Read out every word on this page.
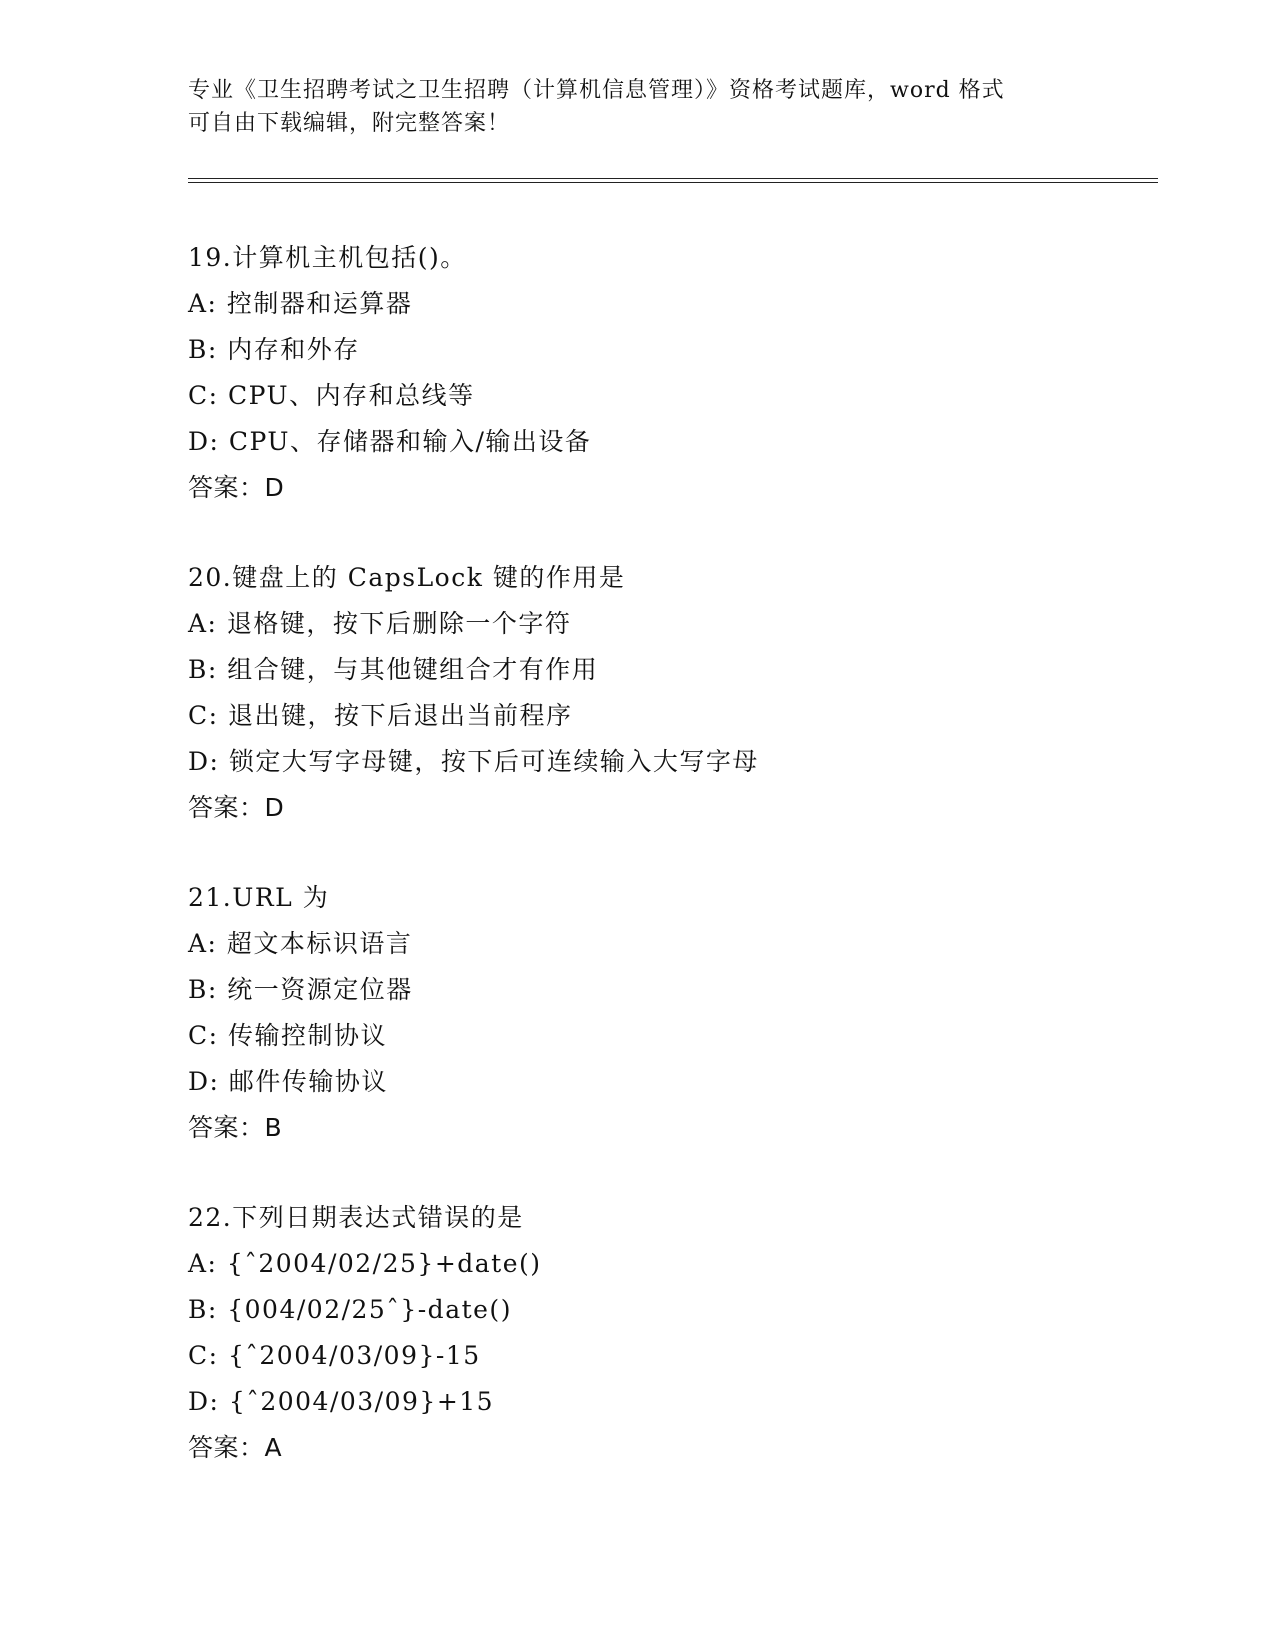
专业《卫生招聘考试之卫生招聘（计算机信息管理）》资格考试题库，word 格式
可自由下载编辑，附完整答案！
19.计算机主机包括()。
A: 控制器和运算器
B: 内存和外存
C: CPU、内存和总线等
D: CPU、存储器和输入/输出设备
答案：D
20.键盘上的 CapsLock 键的作用是
A: 退格键，按下后删除一个字符
B: 组合键，与其他键组合才有作用
C: 退出键，按下后退出当前程序
D: 锁定大写字母键，按下后可连续输入大写字母
答案：D
21.URL 为
A: 超文本标识语言
B: 统一资源定位器
C: 传输控制协议
D: 邮件传输协议
答案：B
22.下列日期表达式错误的是
A: {ˆ2004/02/25}+date()
B: {004/02/25ˆ}-date()
C: {ˆ2004/03/09}-15
D: {ˆ2004/03/09}+15
答案：A
